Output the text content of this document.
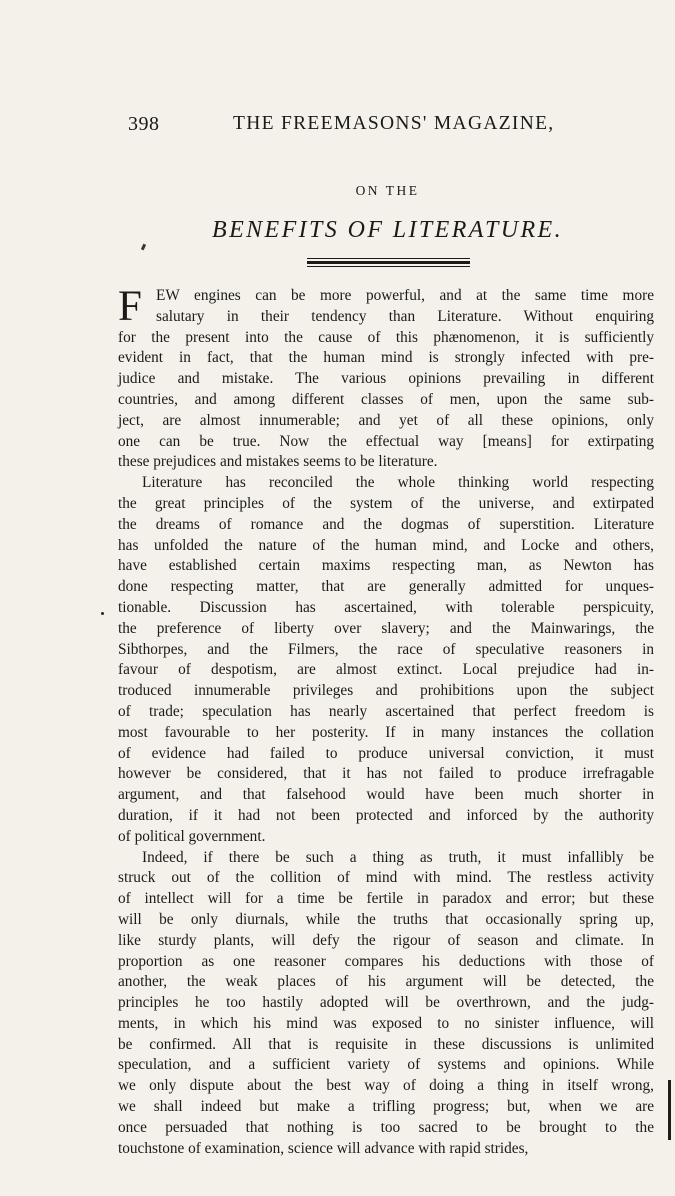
398	THE FREEMASONS' MAGAZINE,
ON THE
BENEFITS OF LITERATURE.
F EW engines can be more powerful, and at the same time more
salutary in their tendency than Literature. Without enquiring
for the present into the cause of this phænomenon, it is sufficiently
evident in fact, that the human mind is strongly infected with pre-
judice and mistake. The various opinions prevailing in different
countries, and among different classes of men, upon the same sub-
ject, are almost innumerable; and yet of all these opinions, only
one can be true. Now the effectual way [means] for extirpating
these prejudices and mistakes seems to be literature.
Literature has reconciled the whole thinking world respecting
the great principles of the system of the universe, and extirpated
the dreams of romance and the dogmas of superstition. Literature
has unfolded the nature of the human mind, and Locke and others,
have established certain maxims respecting man, as Newton has
done respecting matter, that are generally admitted for unques-
tionable. Discussion has ascertained, with tolerable perspicuity,
the preference of liberty over slavery; and the Mainwarings, the
Sibthorpes, and the Filmers, the race of speculative reasoners in
favour of despotism, are almost extinct. Local prejudice had in-
troduced innumerable privileges and prohibitions upon the subject
of trade; speculation has nearly ascertained that perfect freedom is
most favourable to her posterity. If in many instances the collation
of evidence had failed to produce universal conviction, it must
however be considered, that it has not failed to produce irrefragable
argument, and that falsehood would have been much shorter in
duration, if it had not been protected and inforced by the authority
of political government.
Indeed, if there be such a thing as truth, it must infallibly be
struck out of the collition of mind with mind. The restless activity
of intellect will for a time be fertile in paradox and error; but these
will be only diurnals, while the truths that occasionally spring up,
like sturdy plants, will defy the rigour of season and climate. In
proportion as one reasoner compares his deductions with those of
another, the weak places of his argument will be detected, the
principles he too hastily adopted will be overthrown, and the judg-
ments, in which his mind was exposed to no sinister influence, will
be confirmed. All that is requisite in these discussions is unlimited
speculation, and a sufficient variety of systems and opinions. While
we only dispute about the best way of doing a thing in itself wrong,
we shall indeed but make a trifling progress; but, when we are
once persuaded that nothing is too sacred to be brought to the
touchstone of examination, science will advance with rapid strides,
